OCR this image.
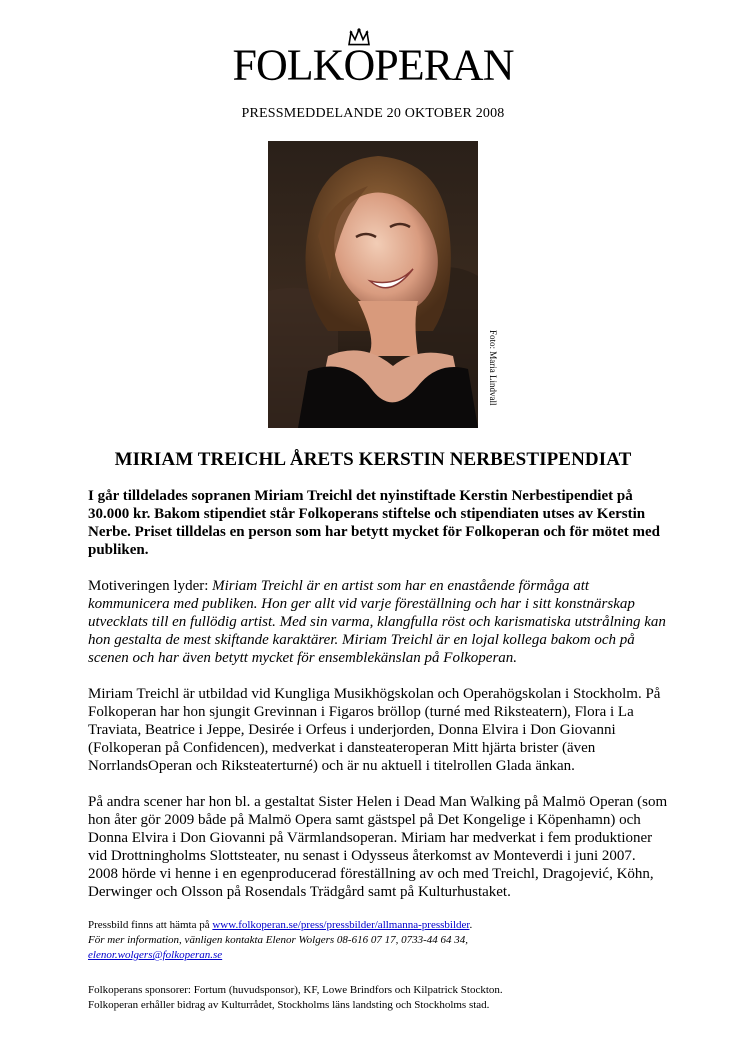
FOLK
OPERAN
PRESSMEDDELANDE 20 OKTOBER 2008
Foto: Maria Lindvall
MIRIAM TREICHL ÅRETS KERSTIN NERBESTIPENDIAT

I går tilldelades sopranen Miriam Treichl det nyinstiftade Kerstin Nerbestipendiet på 30.000 kr. Bakom stipendiet står Folkoperans stiftelse och stipendiaten utses av Kerstin Nerbe. Priset tilldelas en person som har betytt mycket för Folkoperan och för mötet med publiken.

Motiveringen lyder: Miriam Treichl är en artist som har en enastående förmåga att kommunicera med publiken. Hon ger allt vid varje föreställning och har i sitt konstnärskap utvecklats till en fullödig artist. Med sin varma, klangfulla röst och karismatiska utstrålning kan hon gestalta de mest skiftande karaktärer. Miriam Treichl är en lojal kollega bakom och på scenen och har även betytt mycket för ensemblekänslan på Folkoperan.

Miriam Treichl är utbildad vid Kungliga Musikhögskolan och Operahögskolan i Stockholm. På Folkoperan har hon sjungit Grevinnan i Figaros bröllop (turné med Riksteatern), Flora i La Traviata, Beatrice i Jeppe, Desirée i Orfeus i underjorden, Donna Elvira i Don Giovanni (Folkoperan på Confidencen), medverkat i dansteateroperan Mitt hjärta brister (även NorrlandsOperan och Riksteaterturné) och är nu aktuell i titelrollen Glada änkan.

På andra scener har hon bl. a gestaltat Sister Helen i Dead Man Walking på Malmö Operan (som hon åter gör 2009 både på Malmö Opera samt gästspel på Det Kongelige i Köpenhamn) och Donna Elvira i Don Giovanni på Värmlandsoperan. Miriam har medverkat i fem produktioner vid Drottningholms Slottsteater, nu senast i Odysseus återkomst av Monteverdi i juni 2007. 2008 hörde vi henne i en egenproducerad föreställning av och med Treichl, Dragojević, Köhn, Derwinger och Olsson på Rosendals Trädgård samt på Kulturhustaket.

Pressbild finns att hämta på www.folkoperan.se/press/pressbilder/allmanna-pressbilder.
För mer information, vänligen kontakta Elenor Wolgers 08-616 07 17, 0733-44 64 34,
elenor.wolgers@folkoperan.se
Folkoperans sponsorer: Fortum (huvudsponsor), KF, Lowe Brindfors och Kilpatrick Stockton.
Folkoperan erhåller bidrag av Kulturrådet, Stockholms läns landsting och Stockholms stad.
